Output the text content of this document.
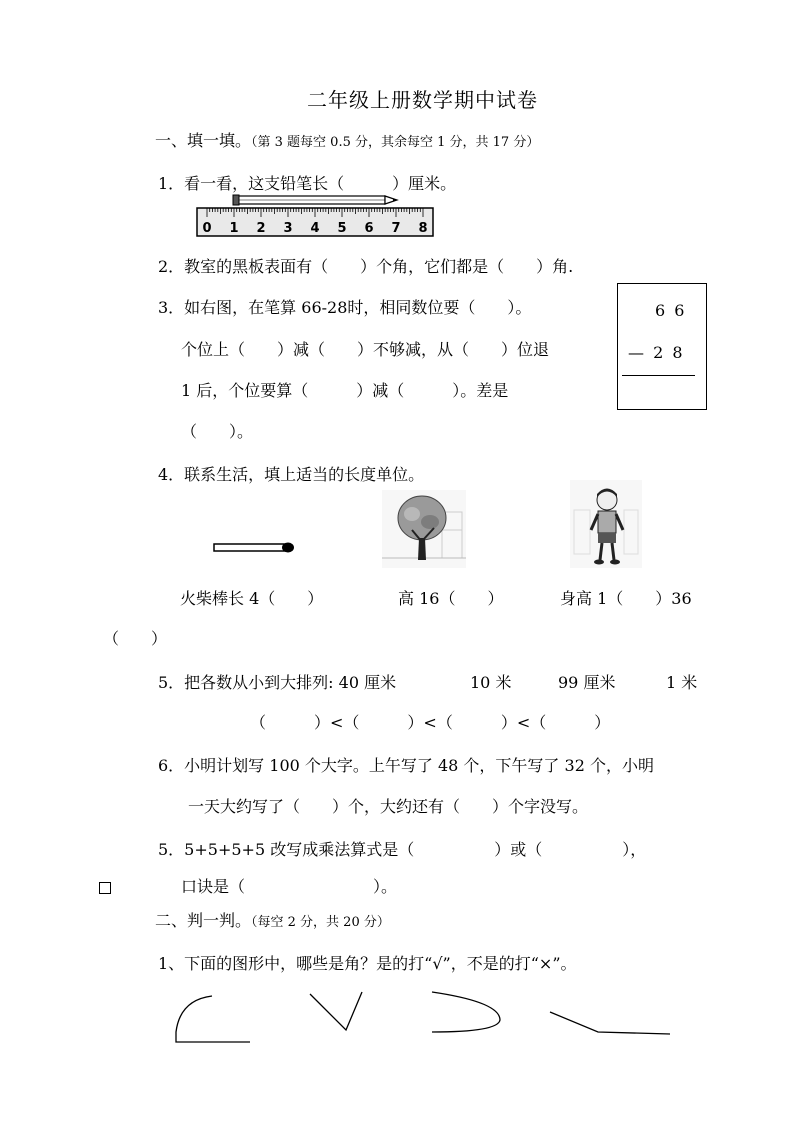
二年级上册数学期中试卷
一、填一填。（第 3 题每空 0.5 分，其余每空 1 分，共 17 分）
1．看一看，这支铅笔长（　　　）厘米。
0 1 2 3 4 5 6 7 8
2．教室的黑板表面有（　　）个角，它们都是（　　）角.
3．如右图，在笔算 66-28时，相同数位要（　　）。
个位上（　　）减（　　）不够减，从（　　）位退
1 后，个位要算（　　　）减（　　　）。差是
（　　）。
6 6
— 2 8
4．联系生活，填上适当的长度单位。
火柴棒长 4（　　）	高 16（　　）	身高 1（　　）36
（　　）
5．把各数从小到大排列: 40 厘米	10 米	99 厘米	1 米
（　　　）<（　　　）<（　　　）<（　　　）
6．小明计划写 100 个大字。上午写了 48 个，下午写了 32 个，小明
一天大约写了（　　）个，大约还有（　　）个字没写。
5．5+5+5+5 改写成乘法算式是（　　　　　）或（　　　　　），
口诀是（　　　　　　　　）。
二、判一判。（每空 2 分，共 20 分）
1、下面的图形中，哪些是角？是的打“√”，不是的打“×”。
